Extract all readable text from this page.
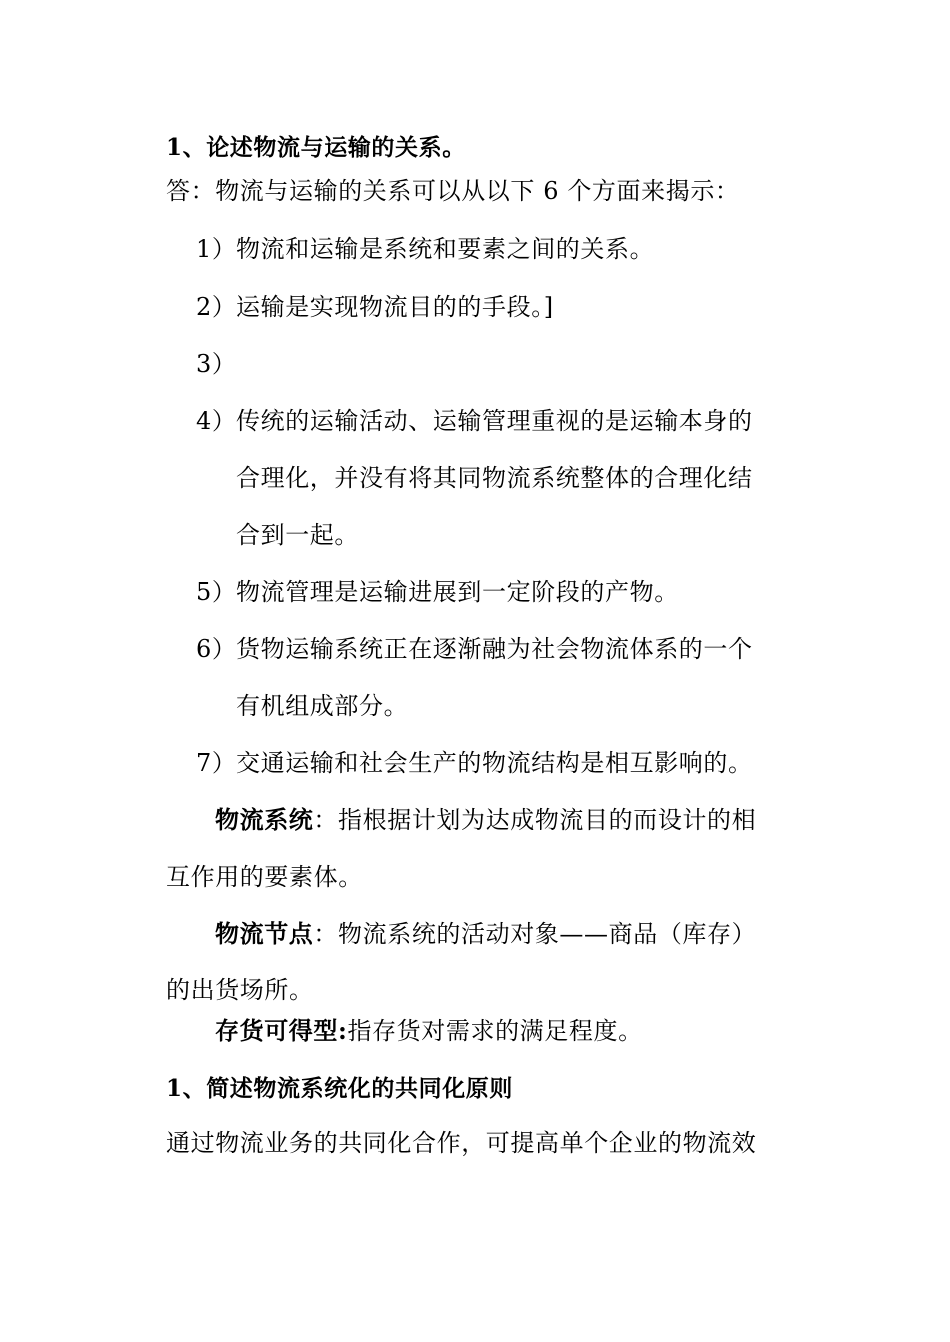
1、论述物流与运输的关系。
答：物流与运输的关系可以从以下 6 个方面来揭示：
1） 物流和运输是系统和要素之间的关系。
2） 运输是实现物流目的的手段。]
3）
4） 传统的运输活动、运输管理重视的是运输本身的
合理化，并没有将其同物流系统整体的合理化结
合到一起。
5） 物流管理是运输进展到一定阶段的产物。
6） 货物运输系统正在逐渐融为社会物流体系的一个
有机组成部分。
7） 交通运输和社会生产的物流结构是相互影响的。
物流系统：指根据计划为达成物流目的而设计的相
互作用的要素体。
物流节点：物流系统的活动对象——商品（库存）
的出货场所。
存货可得型:指存货对需求的满足程度。
1、简述物流系统化的共同化原则
通过物流业务的共同化合作，可提高单个企业的物流效
